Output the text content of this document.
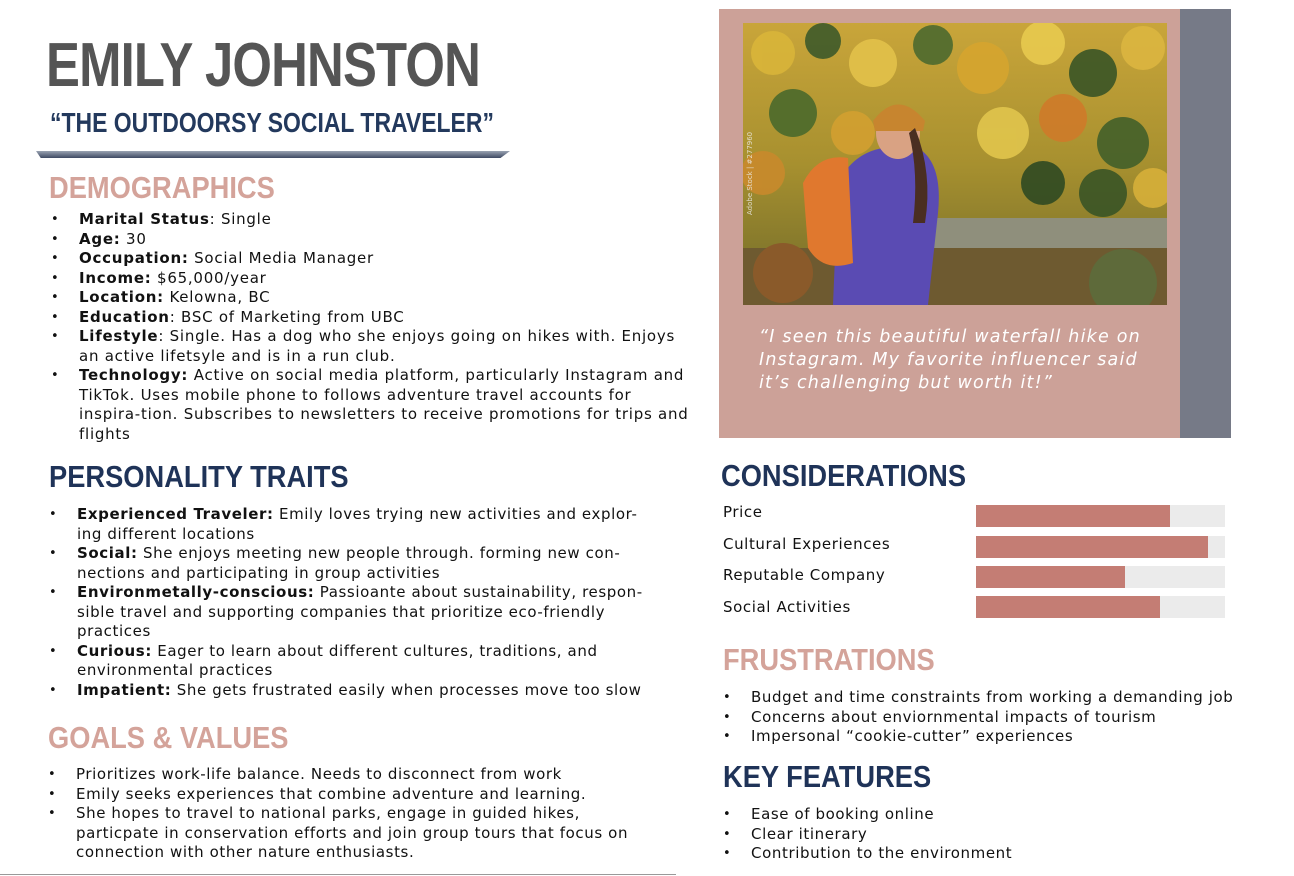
EMILY JOHNSTON
“THE OUTDOORSY SOCIAL TRAVELER”
DEMOGRAPHICS
• Marital Status: Single
• Age: 30
• Occupation: Social Media Manager
• Income: $65,000/year
• Location: Kelowna, BC
• Education: BSC of Marketing from UBC
• Lifestyle: Single. Has a dog who she enjoys going on hikes with. Enjoys an active lifetsyle and is in a run club.
• Technology: Active on social media platform, particularly Instagram and TikTok. Uses mobile phone to follows adventure travel accounts for inspira-tion. Subscribes to newsletters to receive promotions for trips and flights
PERSONALITY TRAITS
• Experienced Traveler: Emily loves trying new activities and explor-ing different locations
• Social: She enjoys meeting new people through. forming new con-nections and participating in group activities
• Environmetally-conscious: Passioante about sustainability, respon-sible travel and supporting companies that prioritize eco-friendly practices
• Curious: Eager to learn about different cultures, traditions, and environmental practices
• Impatient: She gets frustrated easily when processes move too slow
GOALS & VALUES
• Prioritizes work-life balance. Needs to disconnect from work
• Emily seeks experiences that combine adventure and learning.
• She hopes to travel to national parks, engage in guided hikes, particpate in conservation efforts and join group tours that focus on connection with other nature enthusiasts.
Adobe Stock | #277960
“I seen this beautiful waterfall hike on Instagram. My favorite influencer said it’s challenging but worth it!”
CONSIDERATIONS
Price
Cultural Experiences
Reputable Company
Social Activities
FRUSTRATIONS
• Budget and time constraints from working a demanding job
• Concerns about enviornmental impacts of tourism
• Impersonal “cookie-cutter” experiences
KEY FEATURES
• Ease of booking online
• Clear itinerary
• Contribution to the environment
